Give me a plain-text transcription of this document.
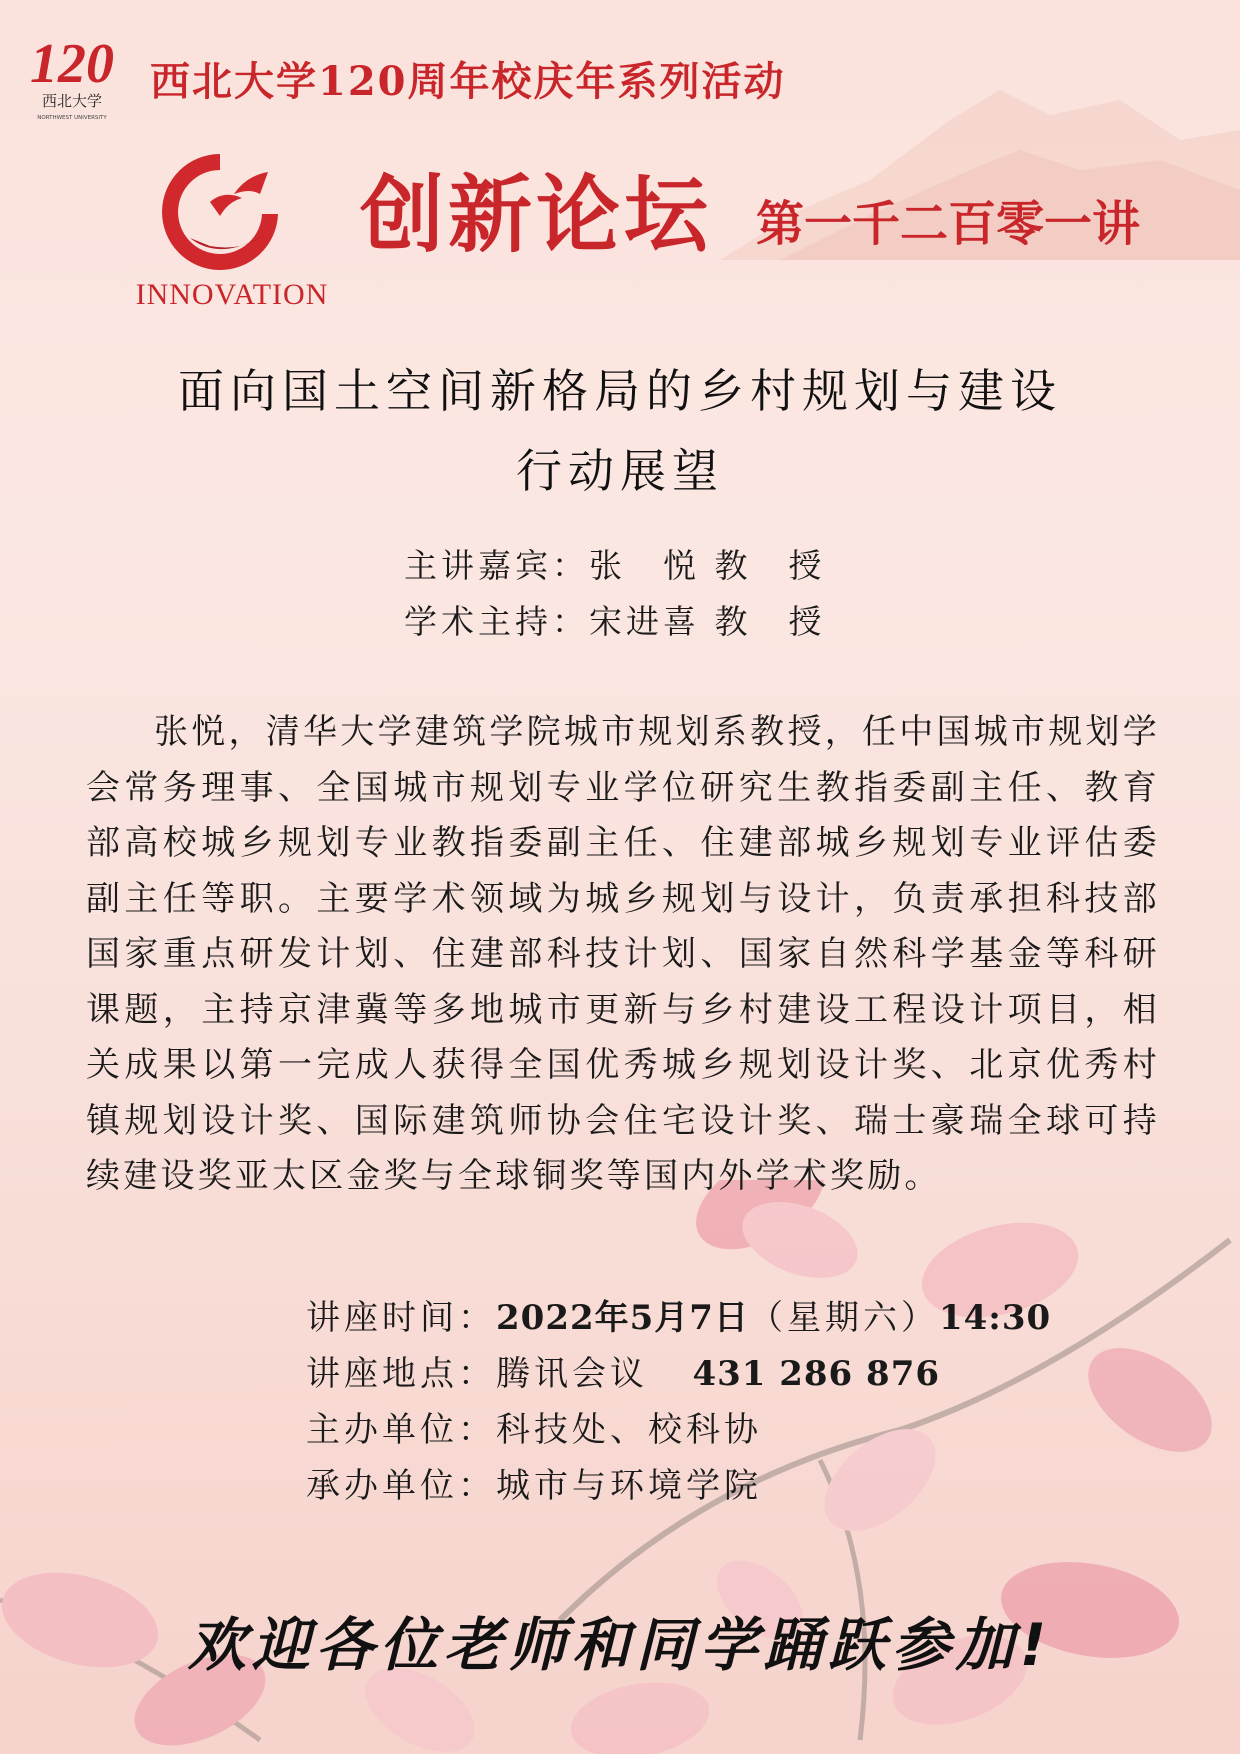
120
西北大学
NORTHWEST UNIVERSITY
西北大学120周年校庆年系列活动
INNOVATION
创新论坛 第一千二百零一讲
面向国土空间新格局的乡村规划与建设
行动展望
主讲嘉宾：张　悦 教　授
学术主持：宋进喜 教　授
张悦，清华大学建筑学院城市规划系教授，任中国城市规划学会常务理事、全国城市规划专业学位研究生教指委副主任、教育部高校城乡规划专业教指委副主任、住建部城乡规划专业评估委副主任等职。主要学术领域为城乡规划与设计，负责承担科技部国家重点研发计划、住建部科技计划、国家自然科学基金等科研课题，主持京津冀等多地城市更新与乡村建设工程设计项目，相关成果以第一完成人获得全国优秀城乡规划设计奖、北京优秀村镇规划设计奖、国际建筑师协会住宅设计奖、瑞士豪瑞全球可持续建设奖亚太区金奖与全球铜奖等国内外学术奖励。
讲座时间：2022年5月7日（星期六）14:30
讲座地点：腾讯会议 431 286 876
主办单位：科技处、校科协
承办单位：城市与环境学院
欢迎各位老师和同学踊跃参加!
